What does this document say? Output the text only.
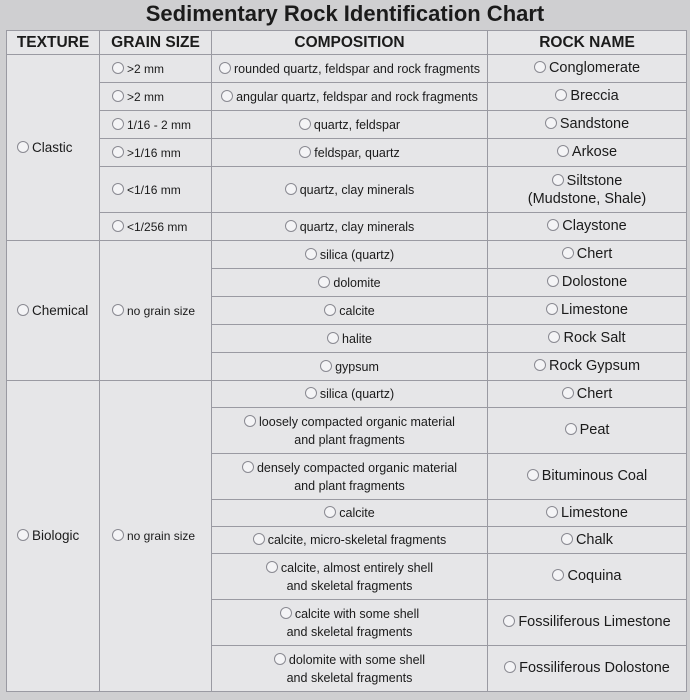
Sedimentary Rock Identification Chart
TEXTURE	GRAIN SIZE	COMPOSITION	ROCK NAME

Clastic	>2 mm	rounded quartz, feldspar and rock fragments	Conglomerate

	>2 mm	angular quartz, feldspar and rock fragments	Breccia

	1/16 - 2 mm	quartz, feldspar	Sandstone

	>1/16 mm	feldspar, quartz	Arkose

	<1/16 mm	quartz, clay minerals	Siltstone
(Mudstone, Shale)

	<1/256 mm	quartz, clay minerals	Claystone

Chemical	no grain size	silica (quartz)	Chert

		dolomite	Dolostone

		calcite	Limestone

		halite	Rock Salt

		gypsum	Rock Gypsum

Biologic	no grain size	silica (quartz)	Chert

		loosely compacted organic material
and plant fragments	Peat

		densely compacted organic material
and plant fragments	Bituminous Coal

		calcite	Limestone

		calcite, micro-skeletal fragments	Chalk

		calcite, almost entirely shell
and skeletal fragments	Coquina

		calcite with some shell
and skeletal fragments	Fossiliferous Limestone

		dolomite with some shell
and skeletal fragments	Fossiliferous Dolostone
